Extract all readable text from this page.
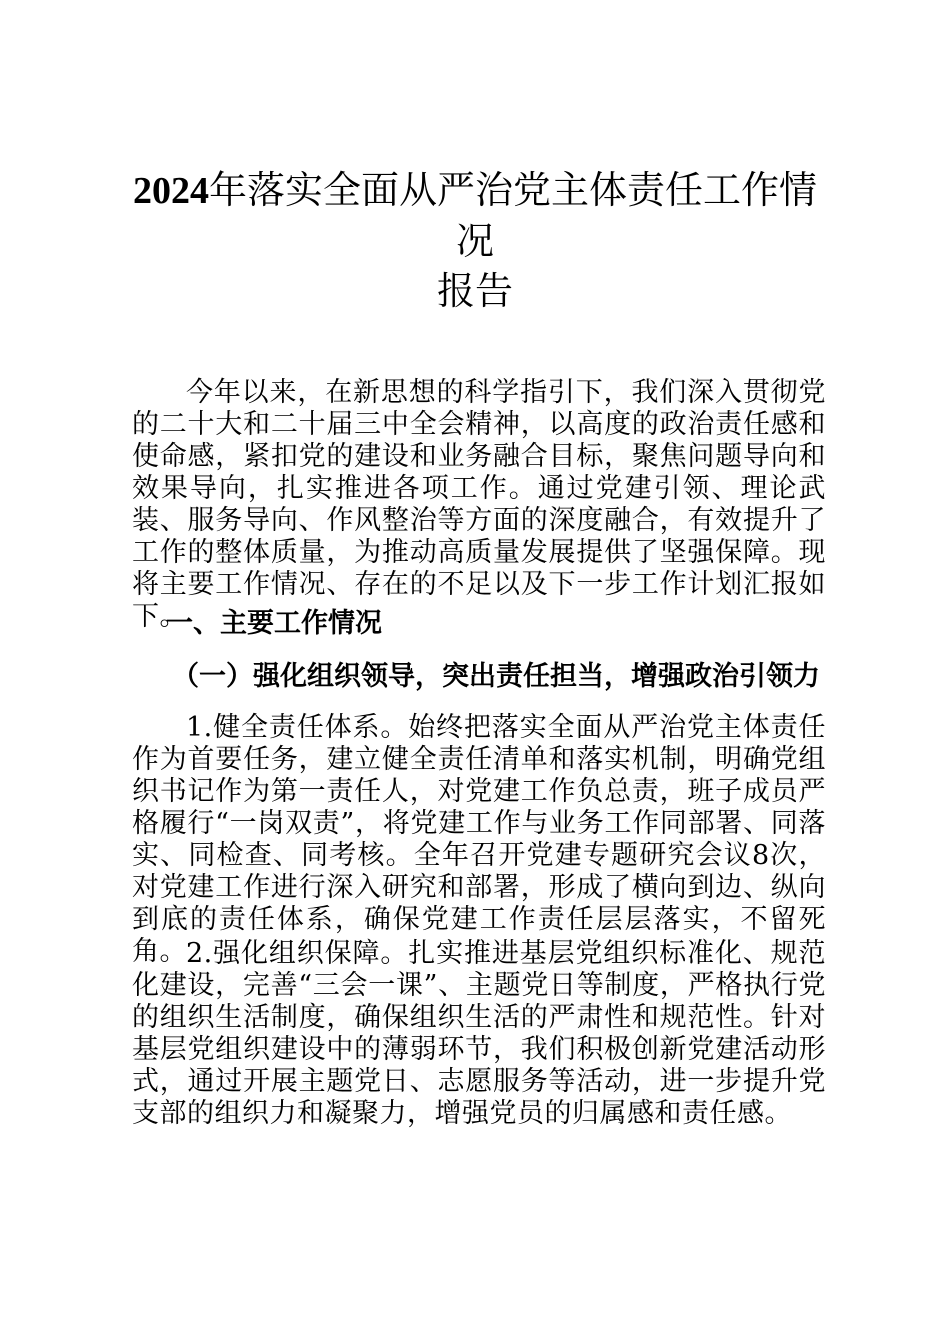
2024年落实全面从严治党主体责任工作情况
报告

今年以来，在新思想的科学指引下，我们深入贯彻党的二十大和二十届三中全会精神，以高度的政治责任感和使命感，紧扣党的建设和业务融合目标，聚焦问题导向和效果导向，扎实推进各项工作。通过党建引领、理论武装、服务导向、作风整治等方面的深度融合，有效提升了工作的整体质量，为推动高质量发展提供了坚强保障。现将主要工作情况、存在的不足以及下一步工作计划汇报如下。

一、主要工作情况

（一）强化组织领导，突出责任担当，增强政治引领力

1.健全责任体系。始终把落实全面从严治党主体责任作为首要任务，建立健全责任清单和落实机制，明确党组织书记作为第一责任人，对党建工作负总责，班子成员严格履行“一岗双责”，将党建工作与业务工作同部署、同落实、同检查、同考核。全年召开党建专题研究会议8次，对党建工作进行深入研究和部署，形成了横向到边、纵向到底的责任体系，确保党建工作责任层层落实，不留死角。 2.强化组织保障。扎实推进基层党组织标准化、规范化建设，完善“三会一课”、主题党日等制度，严格执行党的组织生活制度，确保组织生活的严肃性和规范性。针对基层党组织建设中的薄弱环节，我们积极创新党建活动形式，通过开展主题党日、志愿服务等活动，进一步提升党支部的组织力和凝聚力，增强党员的归属感和责任感。
